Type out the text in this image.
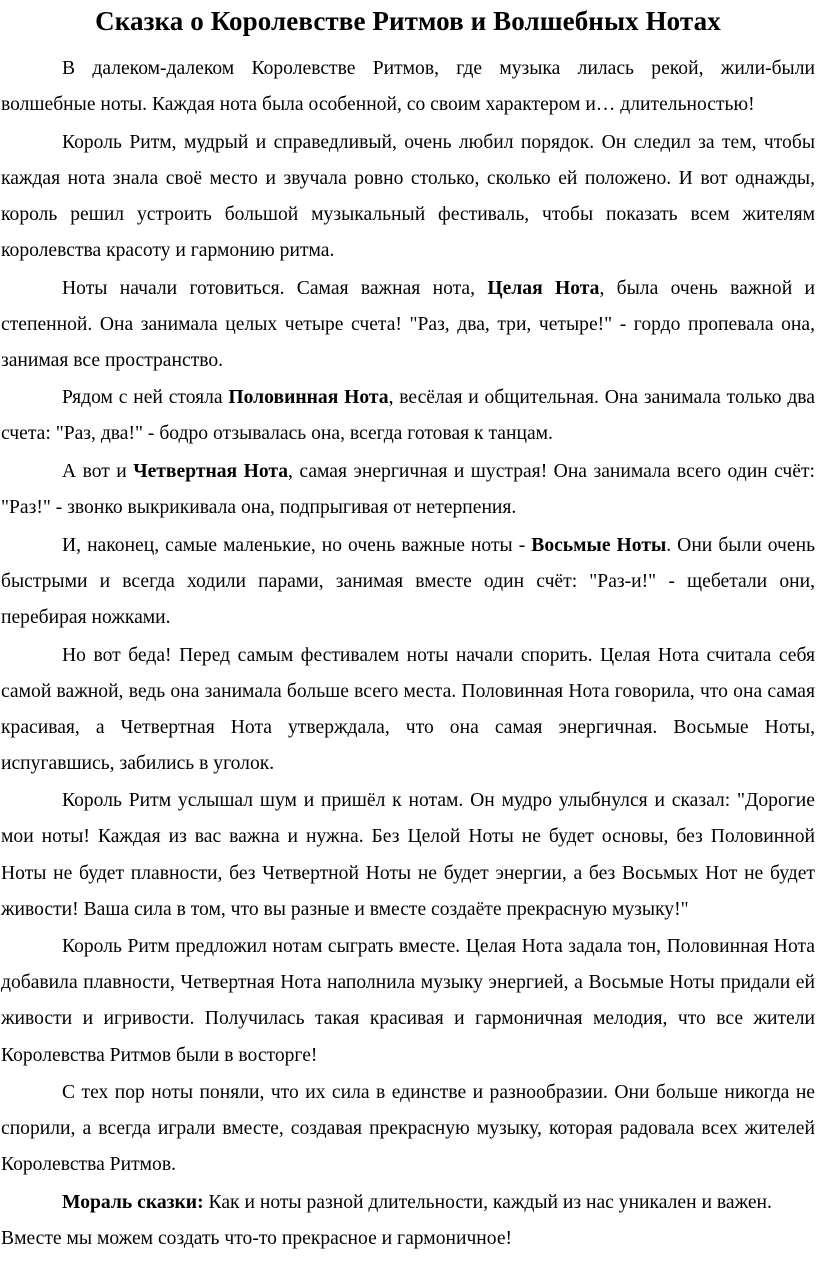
Сказка о Королевстве Ритмов и Волшебных Нотах

В далеком-далеком Королевстве Ритмов, где музыка лилась рекой, жили-были волшебные ноты. Каждая нота была особенной, со своим характером и… длительностью!

Король Ритм, мудрый и справедливый, очень любил порядок. Он следил за тем, чтобы каждая нота знала своё место и звучала ровно столько, сколько ей положено. И вот однажды, король решил устроить большой музыкальный фестиваль, чтобы показать всем жителям королевства красоту и гармонию ритма.

Ноты начали готовиться. Самая важная нота, Целая Нота, была очень важной и степенной. Она занимала целых четыре счета! "Раз, два, три, четыре!" - гордо пропевала она, занимая все пространство.

Рядом с ней стояла Половинная Нота, весёлая и общительная. Она занимала только два счета: "Раз, два!" - бодро отзывалась она, всегда готовая к танцам.

А вот и Четвертная Нота, самая энергичная и шустрая! Она занимала всего один счёт: "Раз!" - звонко выкрикивала она, подпрыгивая от нетерпения.

И, наконец, самые маленькие, но очень важные ноты - Восьмые Ноты. Они были очень быстрыми и всегда ходили парами, занимая вместе один счёт: "Раз-и!" - щебетали они, перебирая ножками.

Но вот беда! Перед самым фестивалем ноты начали спорить. Целая Нота считала себя самой важной, ведь она занимала больше всего места. Половинная Нота говорила, что она самая красивая, а Четвертная Нота утверждала, что она самая энергичная. Восьмые Ноты, испугавшись, забились в уголок.

Король Ритм услышал шум и пришёл к нотам. Он мудро улыбнулся и сказал: "Дорогие мои ноты! Каждая из вас важна и нужна. Без Целой Ноты не будет основы, без Половинной Ноты не будет плавности, без Четвертной Ноты не будет энергии, а без Восьмых Нот не будет живости! Ваша сила в том, что вы разные и вместе создаёте прекрасную музыку!"

Король Ритм предложил нотам сыграть вместе. Целая Нота задала тон, Половинная Нота добавила плавности, Четвертная Нота наполнила музыку энергией, а Восьмые Ноты придали ей живости и игривости. Получилась такая красивая и гармоничная мелодия, что все жители Королевства Ритмов были в восторге!

С тех пор ноты поняли, что их сила в единстве и разнообразии. Они больше никогда не спорили, а всегда играли вместе, создавая прекрасную музыку, которая радовала всех жителей Королевства Ритмов.

Мораль сказки: Как и ноты разной длительности, каждый из нас уникален и важен. Вместе мы можем создать что-то прекрасное и гармоничное!
